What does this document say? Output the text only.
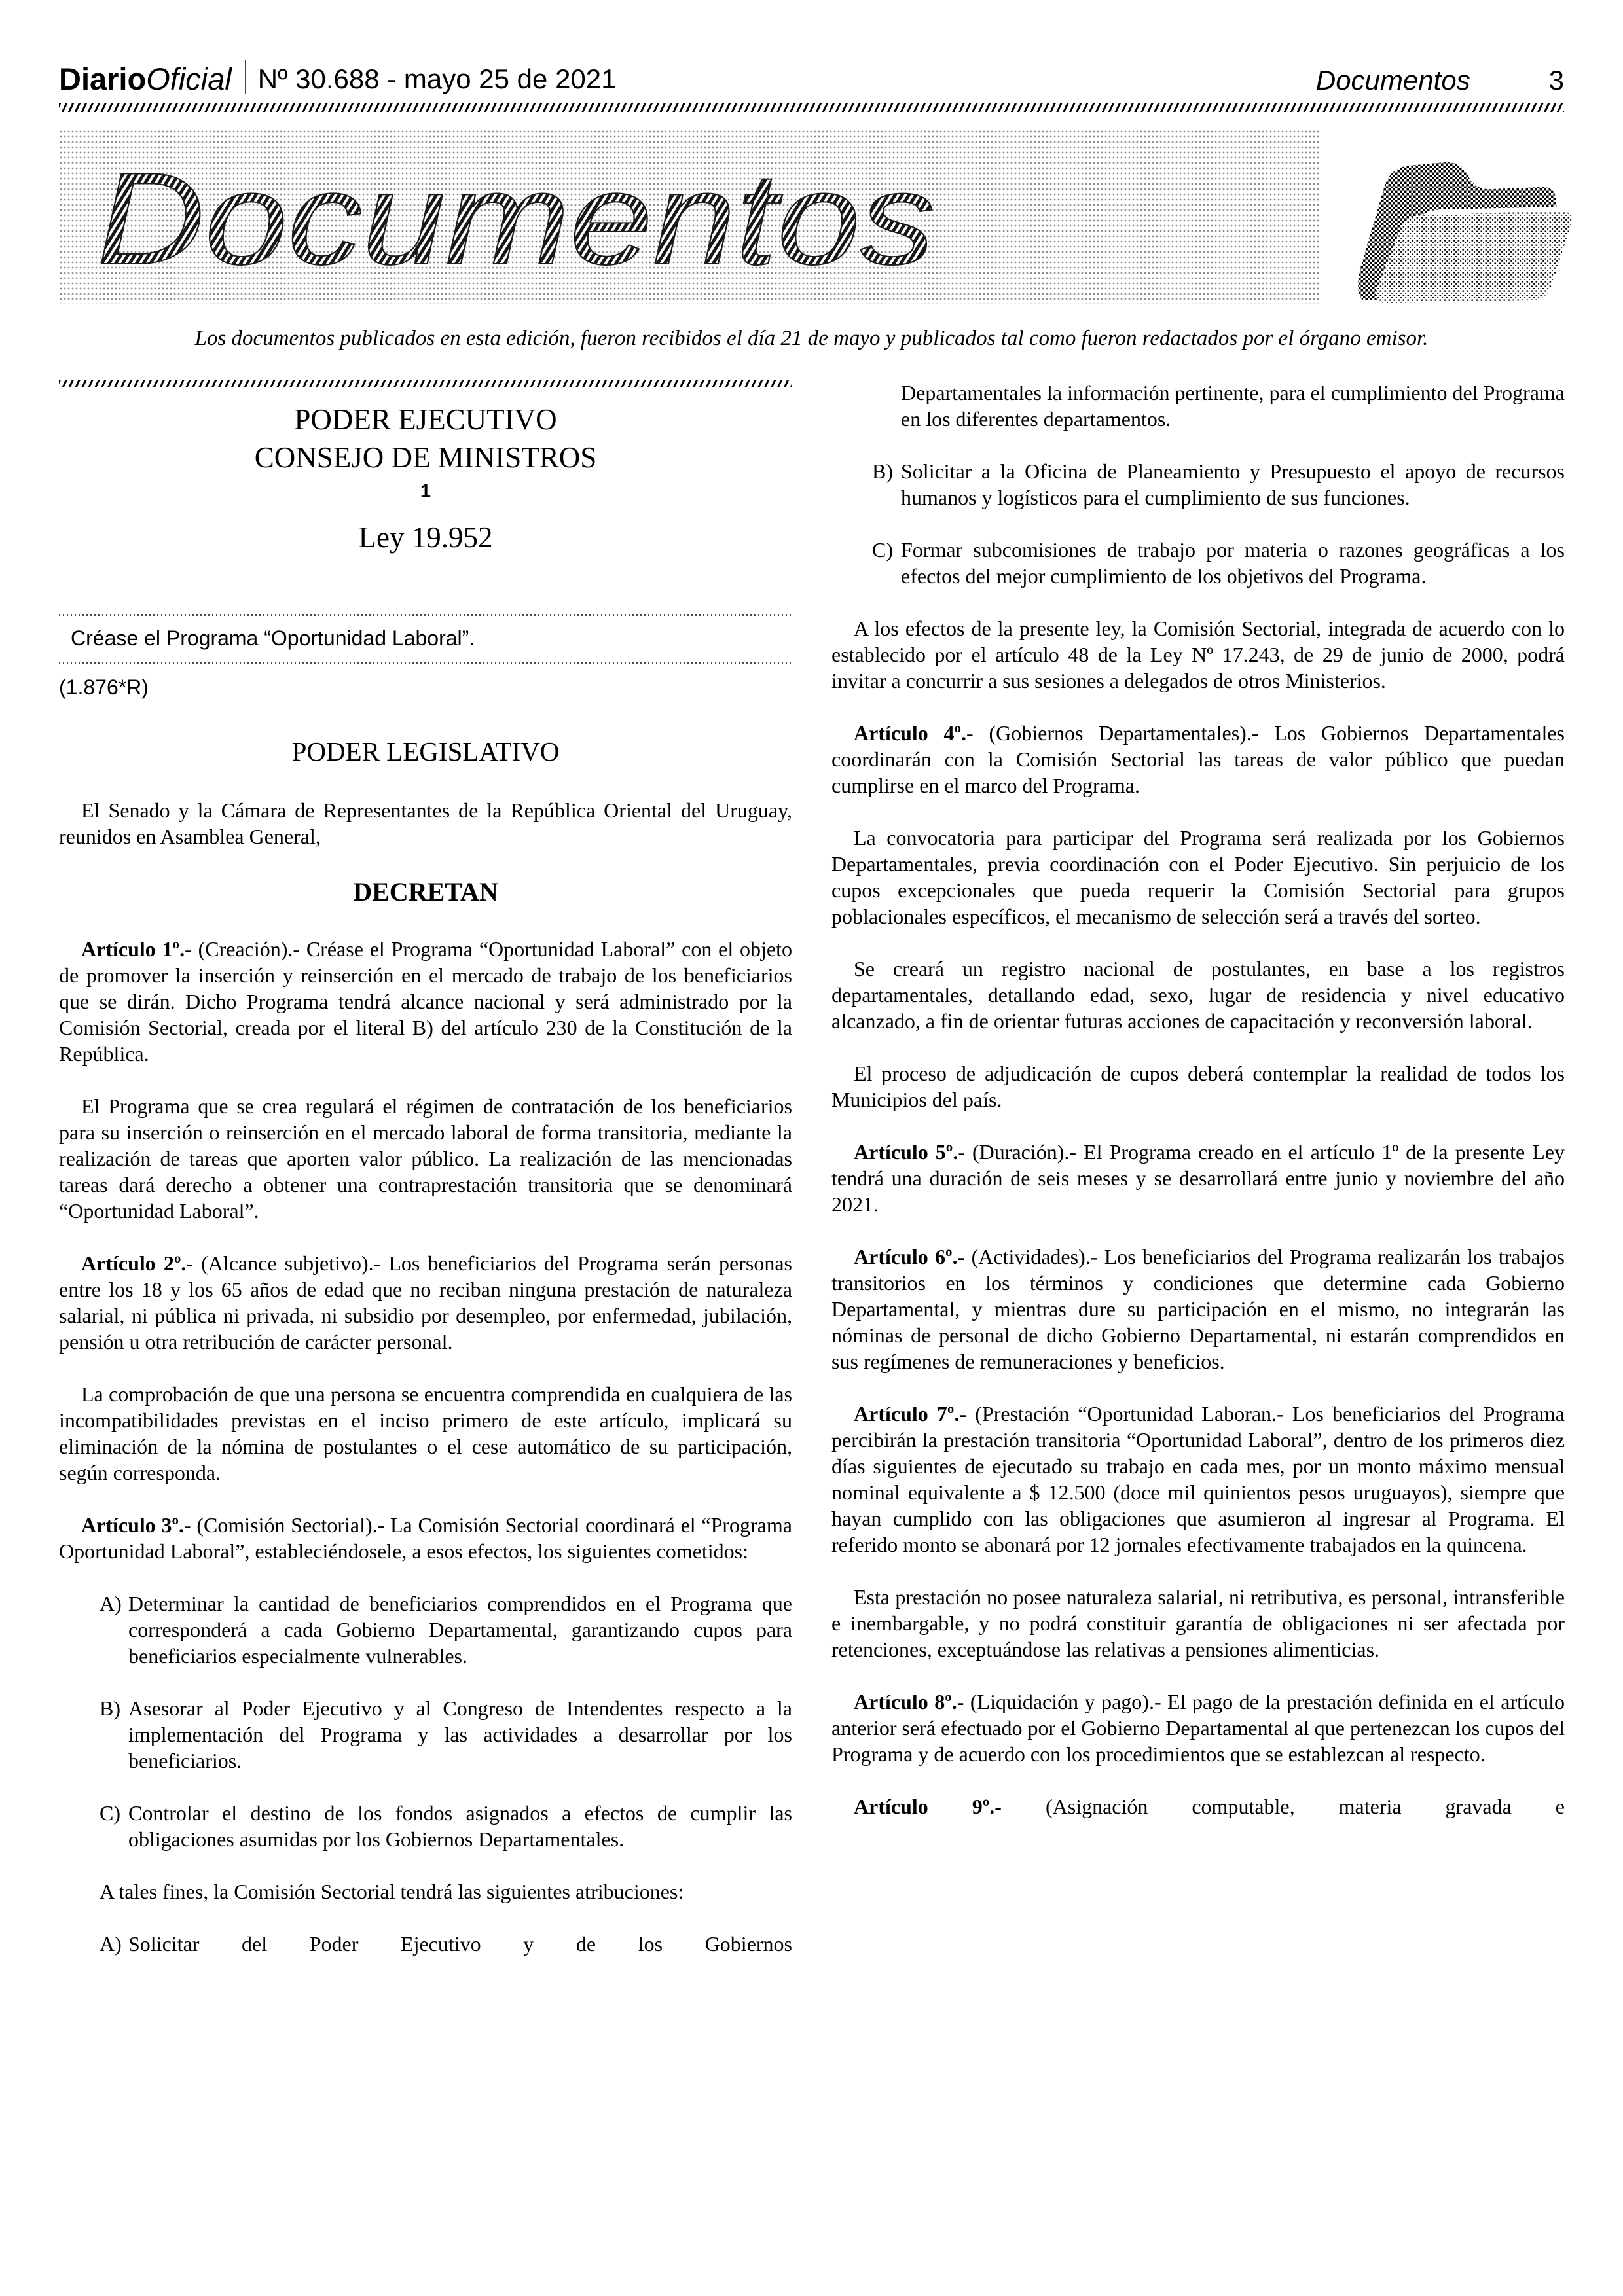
Diario Oficial Nº 30.688 - mayo 25 de 2021	Documentos	3
Documentos
Los documentos publicados en esta edición, fueron recibidos el día 21 de mayo y publicados tal como fueron redactados por el órgano emisor.
PODER EJECUTIVO
CONSEJO DE MINISTROS
1
Ley 19.952
Créase el Programa “Oportunidad Laboral”.
(1.876*R)
PODER LEGISLATIVO

El Senado y la Cámara de Representantes de la República Oriental del Uruguay, reunidos en Asamblea General,

DECRETAN

Artículo 1º.- (Creación).- Créase el Programa “Oportunidad Laboral” con el objeto de promover la inserción y reinserción en el mercado de trabajo de los beneficiarios que se dirán. Dicho Programa tendrá alcance nacional y será administrado por la Comisión Sectorial, creada por el literal B) del artículo 230 de la Constitución de la República.

El Programa que se crea regulará el régimen de contratación de los beneficiarios para su inserción o reinserción en el mercado laboral de forma transitoria, mediante la realización de tareas que aporten valor público. La realización de las mencionadas tareas dará derecho a obtener una contraprestación transitoria que se denominará “Oportunidad Laboral”.

Artículo 2º.- (Alcance subjetivo).- Los beneficiarios del Programa serán personas entre los 18 y los 65 años de edad que no reciban ninguna prestación de naturaleza salarial, ni pública ni privada, ni subsidio por desempleo, por enfermedad, jubilación, pensión u otra retribución de carácter personal.

La comprobación de que una persona se encuentra comprendida en cualquiera de las incompatibilidades previstas en el inciso primero de este artículo, implicará su eliminación de la nómina de postulantes o el cese automático de su participación, según corresponda.

Artículo 3º.- (Comisión Sectorial).- La Comisión Sectorial coordinará el “Programa Oportunidad Laboral”, estableciéndosele, a esos efectos, los siguientes cometidos:

A) Determinar la cantidad de beneficiarios comprendidos en el Programa que corresponderá a cada Gobierno Departamental, garantizando cupos para beneficiarios especialmente vulnerables.
B) Asesorar al Poder Ejecutivo y al Congreso de Intendentes respecto a la implementación del Programa y las actividades a desarrollar por los beneficiarios.
C) Controlar el destino de los fondos asignados a efectos de cumplir las obligaciones asumidas por los Gobiernos Departamentales.

A tales fines, la Comisión Sectorial tendrá las siguientes atribuciones:

A) Solicitar del Poder Ejecutivo y de los Gobiernos

Departamentales la información pertinente, para el cumplimiento del Programa en los diferentes departamentos.

B) Solicitar a la Oficina de Planeamiento y Presupuesto el apoyo de recursos humanos y logísticos para el cumplimiento de sus funciones.
C) Formar subcomisiones de trabajo por materia o razones geográficas a los efectos del mejor cumplimiento de los objetivos del Programa.

A los efectos de la presente ley, la Comisión Sectorial, integrada de acuerdo con lo establecido por el artículo 48 de la Ley Nº 17.243, de 29 de junio de 2000, podrá invitar a concurrir a sus sesiones a delegados de otros Ministerios.

Artículo 4º.- (Gobiernos Departamentales).- Los Gobiernos Departamentales coordinarán con la Comisión Sectorial las tareas de valor público que puedan cumplirse en el marco del Programa.

La convocatoria para participar del Programa será realizada por los Gobiernos Departamentales, previa coordinación con el Poder Ejecutivo. Sin perjuicio de los cupos excepcionales que pueda requerir la Comisión Sectorial para grupos poblacionales específicos, el mecanismo de selección será a través del sorteo.

Se creará un registro nacional de postulantes, en base a los registros departamentales, detallando edad, sexo, lugar de residencia y nivel educativo alcanzado, a fin de orientar futuras acciones de capacitación y reconversión laboral.

El proceso de adjudicación de cupos deberá contemplar la realidad de todos los Municipios del país.

Artículo 5º.- (Duración).- El Programa creado en el artículo 1º de la presente Ley tendrá una duración de seis meses y se desarrollará entre junio y noviembre del año 2021.

Artículo 6º.- (Actividades).- Los beneficiarios del Programa realizarán los trabajos transitorios en los términos y condiciones que determine cada Gobierno Departamental, y mientras dure su participación en el mismo, no integrarán las nóminas de personal de dicho Gobierno Departamental, ni estarán comprendidos en sus regímenes de remuneraciones y beneficios.

Artículo 7º.- (Prestación “Oportunidad Laboran.- Los beneficiarios del Programa percibirán la prestación transitoria “Oportunidad Laboral”, dentro de los primeros diez días siguientes de ejecutado su trabajo en cada mes, por un monto máximo mensual nominal equivalente a $ 12.500 (doce mil quinientos pesos uruguayos), siempre que hayan cumplido con las obligaciones que asumieron al ingresar al Programa. El referido monto se abonará por 12 jornales efectivamente trabajados en la quincena.

Esta prestación no posee naturaleza salarial, ni retributiva, es personal, intransferible e inembargable, y no podrá constituir garantía de obligaciones ni ser afectada por retenciones, exceptuándose las relativas a pensiones alimenticias.

Artículo 8º.- (Liquidación y pago).- El pago de la prestación definida en el artículo anterior será efectuado por el Gobierno Departamental al que pertenezcan los cupos del Programa y de acuerdo con los procedimientos que se establezcan al respecto.

Artículo 9º.- (Asignación computable, materia gravada e
